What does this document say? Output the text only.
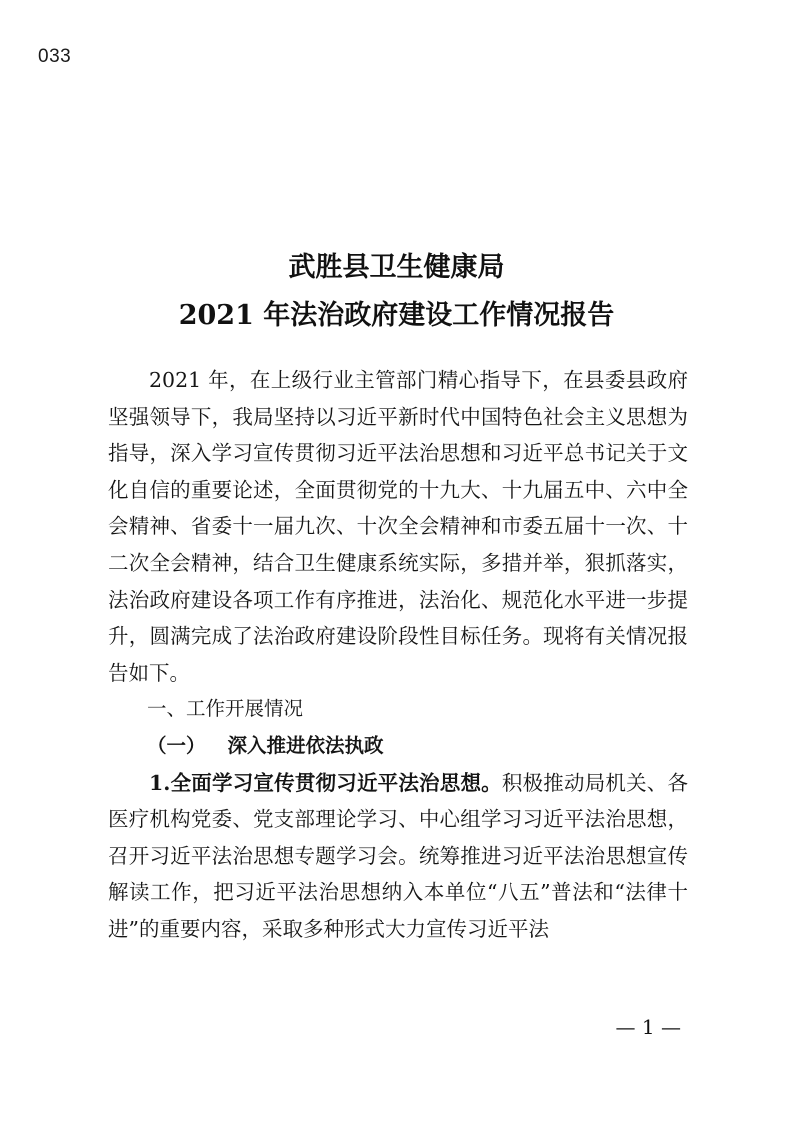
033
武胜县卫生健康局
2021 年法治政府建设工作情况报告

2021 年，在上级行业主管部门精心指导下，在县委县政府坚强领导下，我局坚持以习近平新时代中国特色社会主义思想为指导，深入学习宣传贯彻习近平法治思想和习近平总书记关于文化自信的重要论述，全面贯彻党的十九大、十九届五中、六中全会精神、省委十一届九次、十次全会精神和市委五届十一次、十二次全会精神，结合卫生健康系统实际，多措并举，狠抓落实，法治政府建设各项工作有序推进，法治化、规范化水平进一步提升，圆满完成了法治政府建设阶段性目标任务。现将有关情况报告如下。

一、工作开展情况

（一） 深入推进依法执政

1.全面学习宣传贯彻习近平法治思想。积极推动局机关、各医疗机构党委、党支部理论学习、中心组学习习近平法治思想，召开习近平法治思想专题学习会。统筹推进习近平法治思想宣传解读工作，把习近平法治思想纳入本单位“八五”普法和“法律十进”的重要内容，采取多种形式大力宣传习近平法

— 1 —
